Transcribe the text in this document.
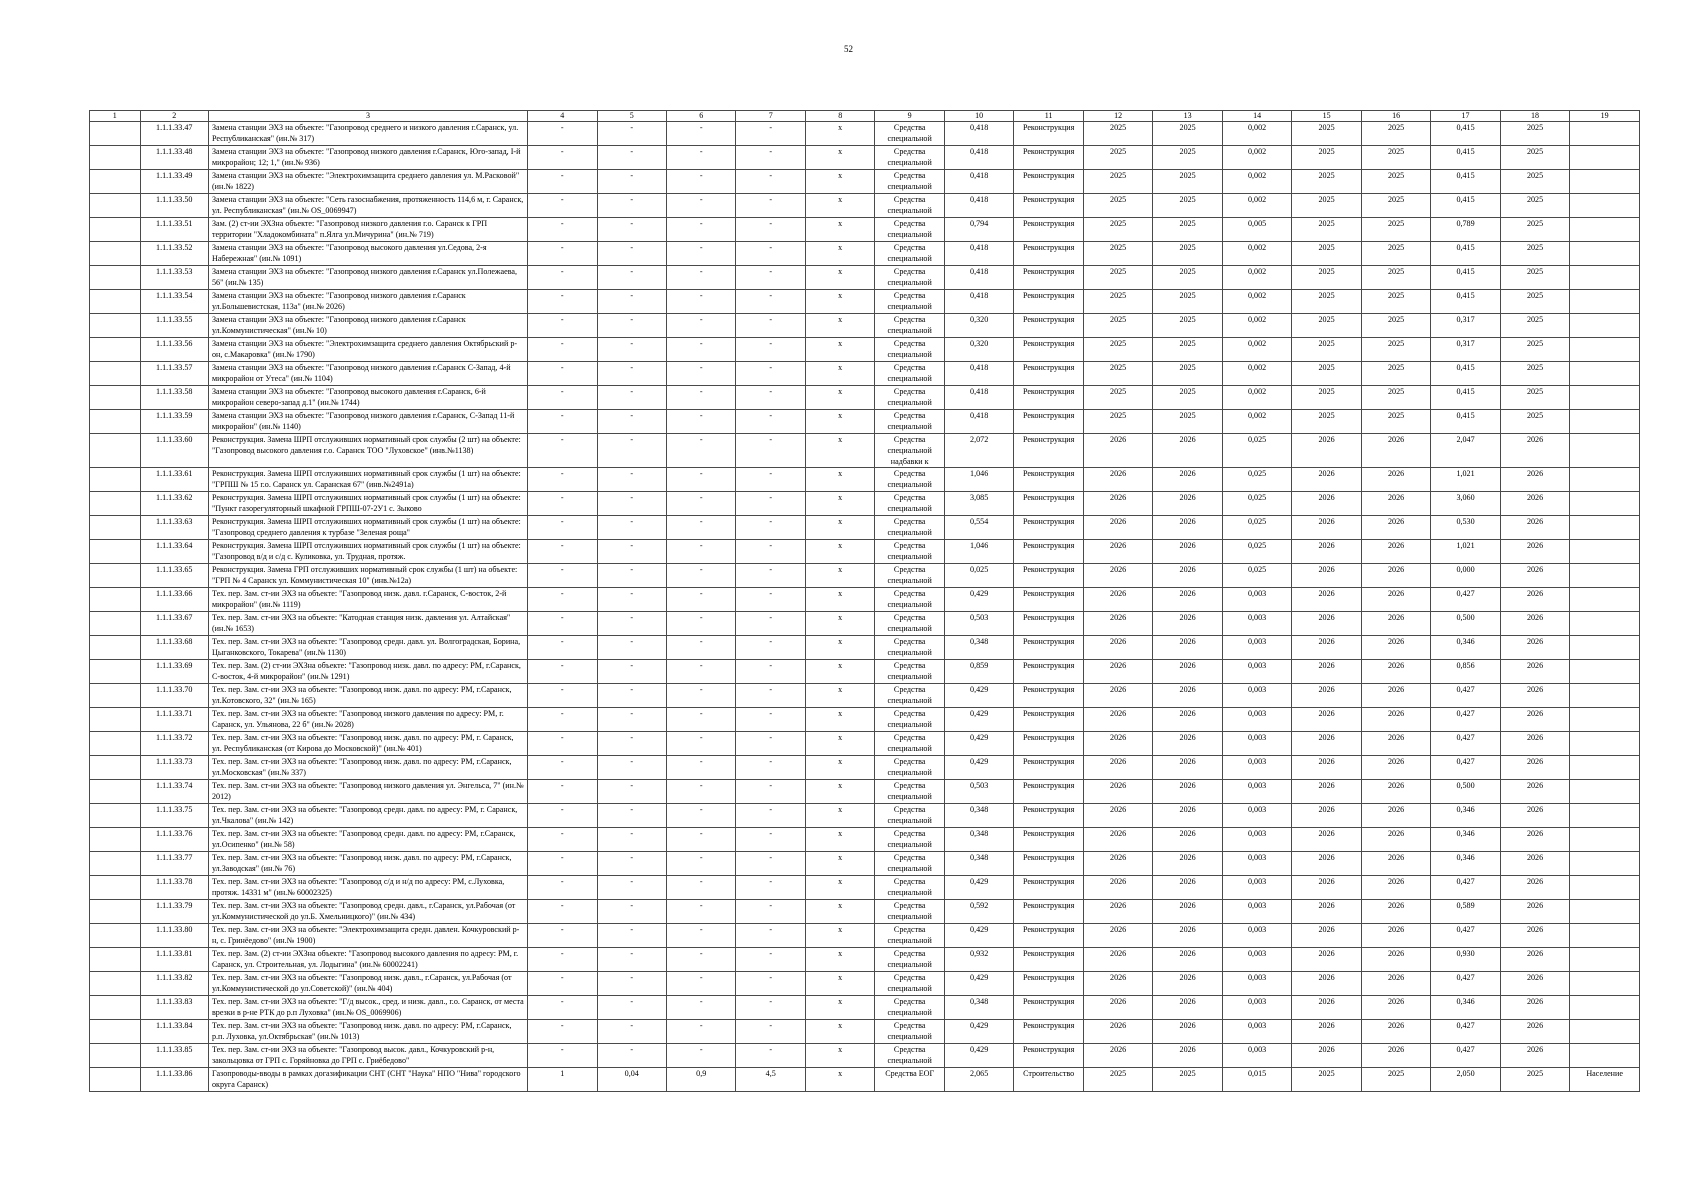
52
1	2	3	4	5	6	7	8	9	10	11	12	13	14	15	16	17	18	19
	1.1.1.33.47	Замена станции ЭХЗ на объекте: "Газопровод среднего и низкого давления г.Саранск, ул. Республиканская" (ин.№ 317)	-	-	-	-	x	Средства специальной	0,418	Реконструкция	2025	2025	0,002	2025	2025	0,415	2025	
	1.1.1.33.48	Замена станции ЭХЗ на объекте: "Газопровод низкого давления г.Саранск, Юго-запад, I-й микрорайон; 12; 1," (ин.№ 936)	-	-	-	-	x	Средства специальной	0,418	Реконструкция	2025	2025	0,002	2025	2025	0,415	2025	
	1.1.1.33.49	Замена станции ЭХЗ на объекте: "Электрохимзащита среднего давления ул. М.Расковой" (ин.№ 1822)	-	-	-	-	x	Средства специальной	0,418	Реконструкция	2025	2025	0,002	2025	2025	0,415	2025	
	1.1.1.33.50	Замена станции ЭХЗ на объекте: "Сеть газоснабжения, протяженность 114,6 м, г. Саранск, ул. Республиканская" (ин.№ OS_0069947)	-	-	-	-	x	Средства специальной	0,418	Реконструкция	2025	2025	0,002	2025	2025	0,415	2025	
	1.1.1.33.51	Зам. (2) ст-ии ЭХЗна объекте: "Газопровод низкого давления г.о. Саранск к ГРП территории "Хладокомбината" п.Ялга ул.Мичурина" (ин.№ 719)	-	-	-	-	x	Средства специальной	0,794	Реконструкция	2025	2025	0,005	2025	2025	0,789	2025	
	1.1.1.33.52	Замена станции ЭХЗ на объекте: "Газопровод высокого давления ул.Седова, 2-я Набережная" (ин.№ 1091)	-	-	-	-	x	Средства специальной	0,418	Реконструкция	2025	2025	0,002	2025	2025	0,415	2025	
	1.1.1.33.53	Замена станции ЭХЗ на объекте: "Газопровод низкого давления г.Саранск ул.Полежаева, 56" (ин.№ 135)	-	-	-	-	x	Средства специальной	0,418	Реконструкция	2025	2025	0,002	2025	2025	0,415	2025	
	1.1.1.33.54	Замена станции ЭХЗ на объекте: "Газопровод низкого давления г.Саранск ул.Большевистская, 113а" (ин.№ 2026)	-	-	-	-	x	Средства специальной	0,418	Реконструкция	2025	2025	0,002	2025	2025	0,415	2025	
	1.1.1.33.55	Замена станции ЭХЗ на объекте: "Газопровод низкого давления г.Саранск ул.Коммунистическая" (ин.№ 10)	-	-	-	-	x	Средства специальной	0,320	Реконструкция	2025	2025	0,002	2025	2025	0,317	2025	
	1.1.1.33.56	Замена станции ЭХЗ на объекте: "Электрохимзащита среднего давления Октябрьский р-он, с.Макаровка" (ин.№ 1790)	-	-	-	-	x	Средства специальной	0,320	Реконструкция	2025	2025	0,002	2025	2025	0,317	2025	
	1.1.1.33.57	Замена станции ЭХЗ на объекте: "Газопровод низкого давления г.Саранск С-Запад, 4-й микрорайон от Утеса" (ин.№ 1104)	-	-	-	-	x	Средства специальной	0,418	Реконструкция	2025	2025	0,002	2025	2025	0,415	2025	
	1.1.1.33.58	Замена станции ЭХЗ на объекте: "Газопровод высокого давления г.Саранск, 6-й микрорайон северо-запад д.1" (ин.№ 1744)	-	-	-	-	x	Средства специальной	0,418	Реконструкция	2025	2025	0,002	2025	2025	0,415	2025	
	1.1.1.33.59	Замена станции ЭХЗ на объекте: "Газопровод низкого давления г.Саранск, С-Запад 11-й микрорайон" (ин.№ 1140)	-	-	-	-	x	Средства специальной	0,418	Реконструкция	2025	2025	0,002	2025	2025	0,415	2025	
	1.1.1.33.60	Реконструкция. Замена ШРП отслуживших нормативный срок службы (2 шт) на объекте: "Газопровод высокого давления г.о. Саранск ТОО "Луховское" (инв.№1138)	-	-	-	-	x	Средства специальной надбавки к	2,072	Реконструкция	2026	2026	0,025	2026	2026	2,047	2026	
	1.1.1.33.61	Реконструкция. Замена ШРП отслуживших нормативный срок службы (1 шт) на объекте: "ГРПШ № 15 г.о. Саранск ул. Саранская 67" (инв.№2491а)	-	-	-	-	x	Средства специальной	1,046	Реконструкция	2026	2026	0,025	2026	2026	1,021	2026	
	1.1.1.33.62	Реконструкция. Замена ШРП отслуживших нормативный срок службы (1 шт) на объекте: "Пункт газорегуляторный шкафной ГРПШ-07-2У1 с. Зыково	-	-	-	-	x	Средства специальной	3,085	Реконструкция	2026	2026	0,025	2026	2026	3,060	2026	
	1.1.1.33.63	Реконструкция. Замена ШРП отслуживших нормативный срок службы (1 шт) на объекте: "Газопровод среднего давления к турбазе "Зеленая роща"	-	-	-	-	x	Средства специальной	0,554	Реконструкция	2026	2026	0,025	2026	2026	0,530	2026	
	1.1.1.33.64	Реконструкция. Замена ШРП отслуживших нормативный срок службы (1 шт) на объекте: "Газопровод в/д и с/д с. Куликовка, ул. Трудная, протяж.	-	-	-	-	x	Средства специальной	1,046	Реконструкция	2026	2026	0,025	2026	2026	1,021	2026	
	1.1.1.33.65	Реконструкция. Замена ГРП отслуживших нормативный срок службы (1 шт) на объекте: "ГРП № 4 Саранск ул. Коммунистическая 10" (инв.№12а)	-	-	-	-	x	Средства специальной	0,025	Реконструкция	2026	2026	0,025	2026	2026	0,000	2026	
	1.1.1.33.66	Тех. пер. Зам. ст-ии ЭХЗ на объекте: "Газопровод низк. давл. г.Саранск, С-восток, 2-й микрорайон" (ин.№ 1119)	-	-	-	-	x	Средства специальной	0,429	Реконструкция	2026	2026	0,003	2026	2026	0,427	2026	
	1.1.1.33.67	Тех. пер. Зам. ст-ии ЭХЗ на объекте: "Катодная станция низк. давления ул. Алтайская" (ин.№ 1653)	-	-	-	-	x	Средства специальной	0,503	Реконструкция	2026	2026	0,003	2026	2026	0,500	2026	
	1.1.1.33.68	Тех. пер. Зам. ст-ии ЭХЗ на объекте: "Газопровод средн. давл. ул. Волгоградская, Борина, Цыганковского, Токарева" (ин.№ 1130)	-	-	-	-	x	Средства специальной	0,348	Реконструкция	2026	2026	0,003	2026	2026	0,346	2026	
	1.1.1.33.69	Тех. пер. Зам. (2) ст-ии ЭХЗна объекте: "Газопровод низк. давл. по адресу: РМ, г.Саранск, С-восток, 4-й микрорайон" (ин.№ 1291)	-	-	-	-	x	Средства специальной	0,859	Реконструкция	2026	2026	0,003	2026	2026	0,856	2026	
	1.1.1.33.70	Тех. пер. Зам. ст-ии ЭХЗ на объекте: "Газопровод низк. давл. по адресу: РМ, г.Саранск, ул.Котовского, 32" (ин.№ 165)	-	-	-	-	x	Средства специальной	0,429	Реконструкция	2026	2026	0,003	2026	2026	0,427	2026	
	1.1.1.33.71	Тех. пер. Зам. ст-ии ЭХЗ на объекте: "Газопровод низкого давления по адресу: РМ, г. Саранск, ул. Ульянова, 22 б" (ин.№ 2028)	-	-	-	-	x	Средства специальной	0,429	Реконструкция	2026	2026	0,003	2026	2026	0,427	2026	
	1.1.1.33.72	Тех. пер. Зам. ст-ии ЭХЗ на объекте: "Газопровод низк. давл. по адресу: РМ, г. Саранск, ул. Республиканская (от Кирова до Московской)" (ин.№ 401)	-	-	-	-	x	Средства специальной	0,429	Реконструкция	2026	2026	0,003	2026	2026	0,427	2026	
	1.1.1.33.73	Тех. пер. Зам. ст-ии ЭХЗ на объекте: "Газопровод низк. давл. по адресу: РМ, г.Саранск, ул.Московская" (ин.№ 337)	-	-	-	-	x	Средства специальной	0,429	Реконструкция	2026	2026	0,003	2026	2026	0,427	2026	
	1.1.1.33.74	Тех. пер. Зам. ст-ии ЭХЗ на объекте: "Газопровод низкого давления ул. Энгельса, 7" (ин.№ 2012)	-	-	-	-	x	Средства специальной	0,503	Реконструкция	2026	2026	0,003	2026	2026	0,500	2026	
	1.1.1.33.75	Тех. пер. Зам. ст-ии ЭХЗ на объекте: "Газопровод средн. давл. по адресу: РМ, г. Саранск, ул.Чкалова" (ин.№ 142)	-	-	-	-	x	Средства специальной	0,348	Реконструкция	2026	2026	0,003	2026	2026	0,346	2026	
	1.1.1.33.76	Тех. пер. Зам. ст-ии ЭХЗ на объекте: "Газопровод средн. давл. по адресу: РМ, г.Саранск, ул.Осипенко" (ин.№ 58)	-	-	-	-	x	Средства специальной	0,348	Реконструкция	2026	2026	0,003	2026	2026	0,346	2026	
	1.1.1.33.77	Тех. пер. Зам. ст-ии ЭХЗ на объекте: "Газопровод низк. давл. по адресу: РМ, г.Саранск, ул.Заводская" (ин.№ 76)	-	-	-	-	x	Средства специальной	0,348	Реконструкция	2026	2026	0,003	2026	2026	0,346	2026	
	1.1.1.33.78	Тех. пер. Зам. ст-ии ЭХЗ на объекте: "Газопровод с/д и н/д по адресу: РМ, с.Луховка, протяж. 14331 м" (ин.№ 60002325)	-	-	-	-	x	Средства специальной	0,429	Реконструкция	2026	2026	0,003	2026	2026	0,427	2026	
	1.1.1.33.79	Тех. пер. Зам. ст-ии ЭХЗ на объекте: "Газопровод средн. давл., г.Саранск, ул.Рабочая (от ул.Коммунистической до ул.Б. Хмельницкого)" (ин.№ 434)	-	-	-	-	x	Средства специальной	0,592	Реконструкция	2026	2026	0,003	2026	2026	0,589	2026	
	1.1.1.33.80	Тех. пер. Зам. ст-ии ЭХЗ на объекте: "Электрохимзащита средн. давлен. Кочкуровский р-н, с. Гринёедово" (ин.№ 1900)	-	-	-	-	x	Средства специальной	0,429	Реконструкция	2026	2026	0,003	2026	2026	0,427	2026	
	1.1.1.33.81	Тех. пер. Зам. (2) ст-ии ЭХЗна объекте: "Газопровод высокого давления по адресу: РМ, г. Саранск, ул. Строительная, ул. Лодыгина" (ин.№ 60002241)	-	-	-	-	x	Средства специальной	0,932	Реконструкция	2026	2026	0,003	2026	2026	0,930	2026	
	1.1.1.33.82	Тех. пер. Зам. ст-ии ЭХЗ на объекте: "Газопровод низк. давл., г.Саранск, ул.Рабочая (от ул.Коммунистической до ул.Советской)" (ин.№ 404)	-	-	-	-	x	Средства специальной	0,429	Реконструкция	2026	2026	0,003	2026	2026	0,427	2026	
	1.1.1.33.83	Тех. пер. Зам. ст-ии ЭХЗ на объекте: "Г/д высок., сред. и низк. давл., г.о. Саранск, от места врезки в р-не РТК до р.п Луховка" (ин.№ OS_0069906)	-	-	-	-	x	Средства специальной	0,348	Реконструкция	2026	2026	0,003	2026	2026	0,346	2026	
	1.1.1.33.84	Тех. пер. Зам. ст-ии ЭХЗ на объекте: "Газопровод низк. давл. по адресу: РМ, г.Саранск, р.п. Луховка, ул.Октябрьская" (ин.№ 1013)	-	-	-	-	x	Средства специальной	0,429	Реконструкция	2026	2026	0,003	2026	2026	0,427	2026	
	1.1.1.33.85	Тех. пер. Зам. ст-ии ЭХЗ на объекте: "Газопровод высок. давл., Кочкуровский р-н, закольцовка от ГРП с. Горяйновка до ГРП с. Гриёбедово"	-	-	-	-	x	Средства специальной	0,429	Реконструкция	2026	2026	0,003	2026	2026	0,427	2026	
	1.1.1.33.86	Газопроводы-вводы в рамках догазификации СНТ (СНТ "Наука" НПО "Нива" городского округа Саранск)	1	0,04	0,9	4,5	x	Средства ЕОГ	2,065	Строительство	2025	2025	0,015	2025	2025	2,050	2025	Население
